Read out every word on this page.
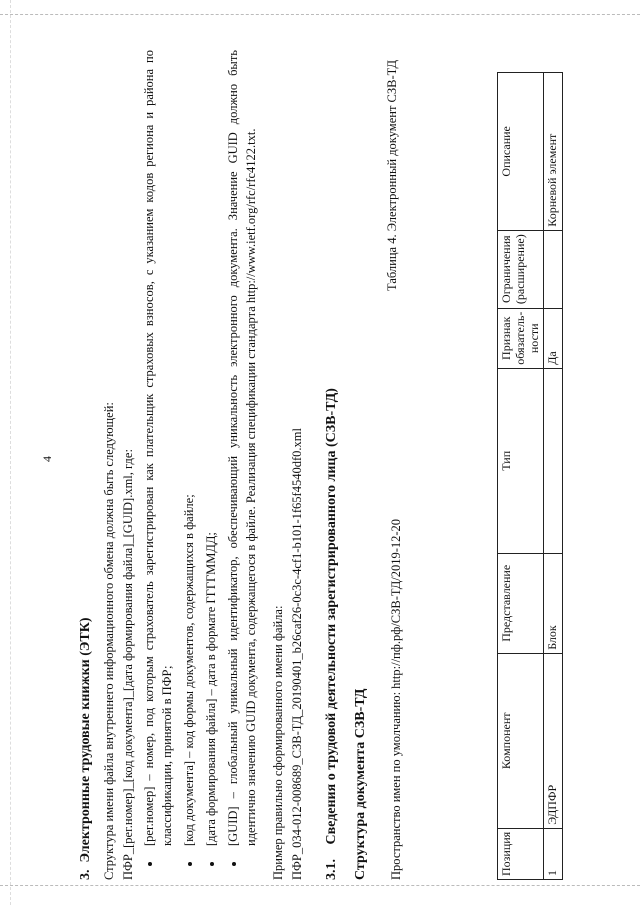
4
3.  Электронные трудовые книжки (ЭТК) Структура имени файла внутреннего информационного обмена должна быть следующей: ПФР_[рег.номер]_[код документа]_[дата формирования файла]_[GUID].xml, где: • [рег.номер] – номер, под которым страхователь зарегистрирован как плательщик страховых взносов, с указанием кодов региона и района по классификации, принятой в ПФР; • [код документа] – код формы документов, содержащихся в файле; • [дата формирования файла] – дата в формате ГГГГММДД; • [GUID] – глобальный уникальный идентификатор, обеспечивающий уникальность электронного документа. Значение GUID должно быть идентично значению GUID документа, содержащегося в файле. Реализация спецификации стандарта http://www.ietf.org/rfc/rfc4122.txt. Пример правильно сформированного имени файла: ПФР_034-012-008689_СЗВ-ТД_20190401_b26caf26-0c3c-4cf1-b101-1f65f4540df0.xml 3.1. Сведения о трудовой деятельности зарегистрированного лица (СЗВ-ТД) Структура документа СЗВ-ТД Пространство имен по умолчанию: http://пф.рф/СЗВ-ТД/2019-12-20
Таблица 4. Электронный документ СЗВ-ТД
Позиция	Компонент	Представление	Тип	Признак обязатель-ности	Ограничения (расширение)	Описание
1	ЭДПФР	Блок		Да		Корневой элемент
